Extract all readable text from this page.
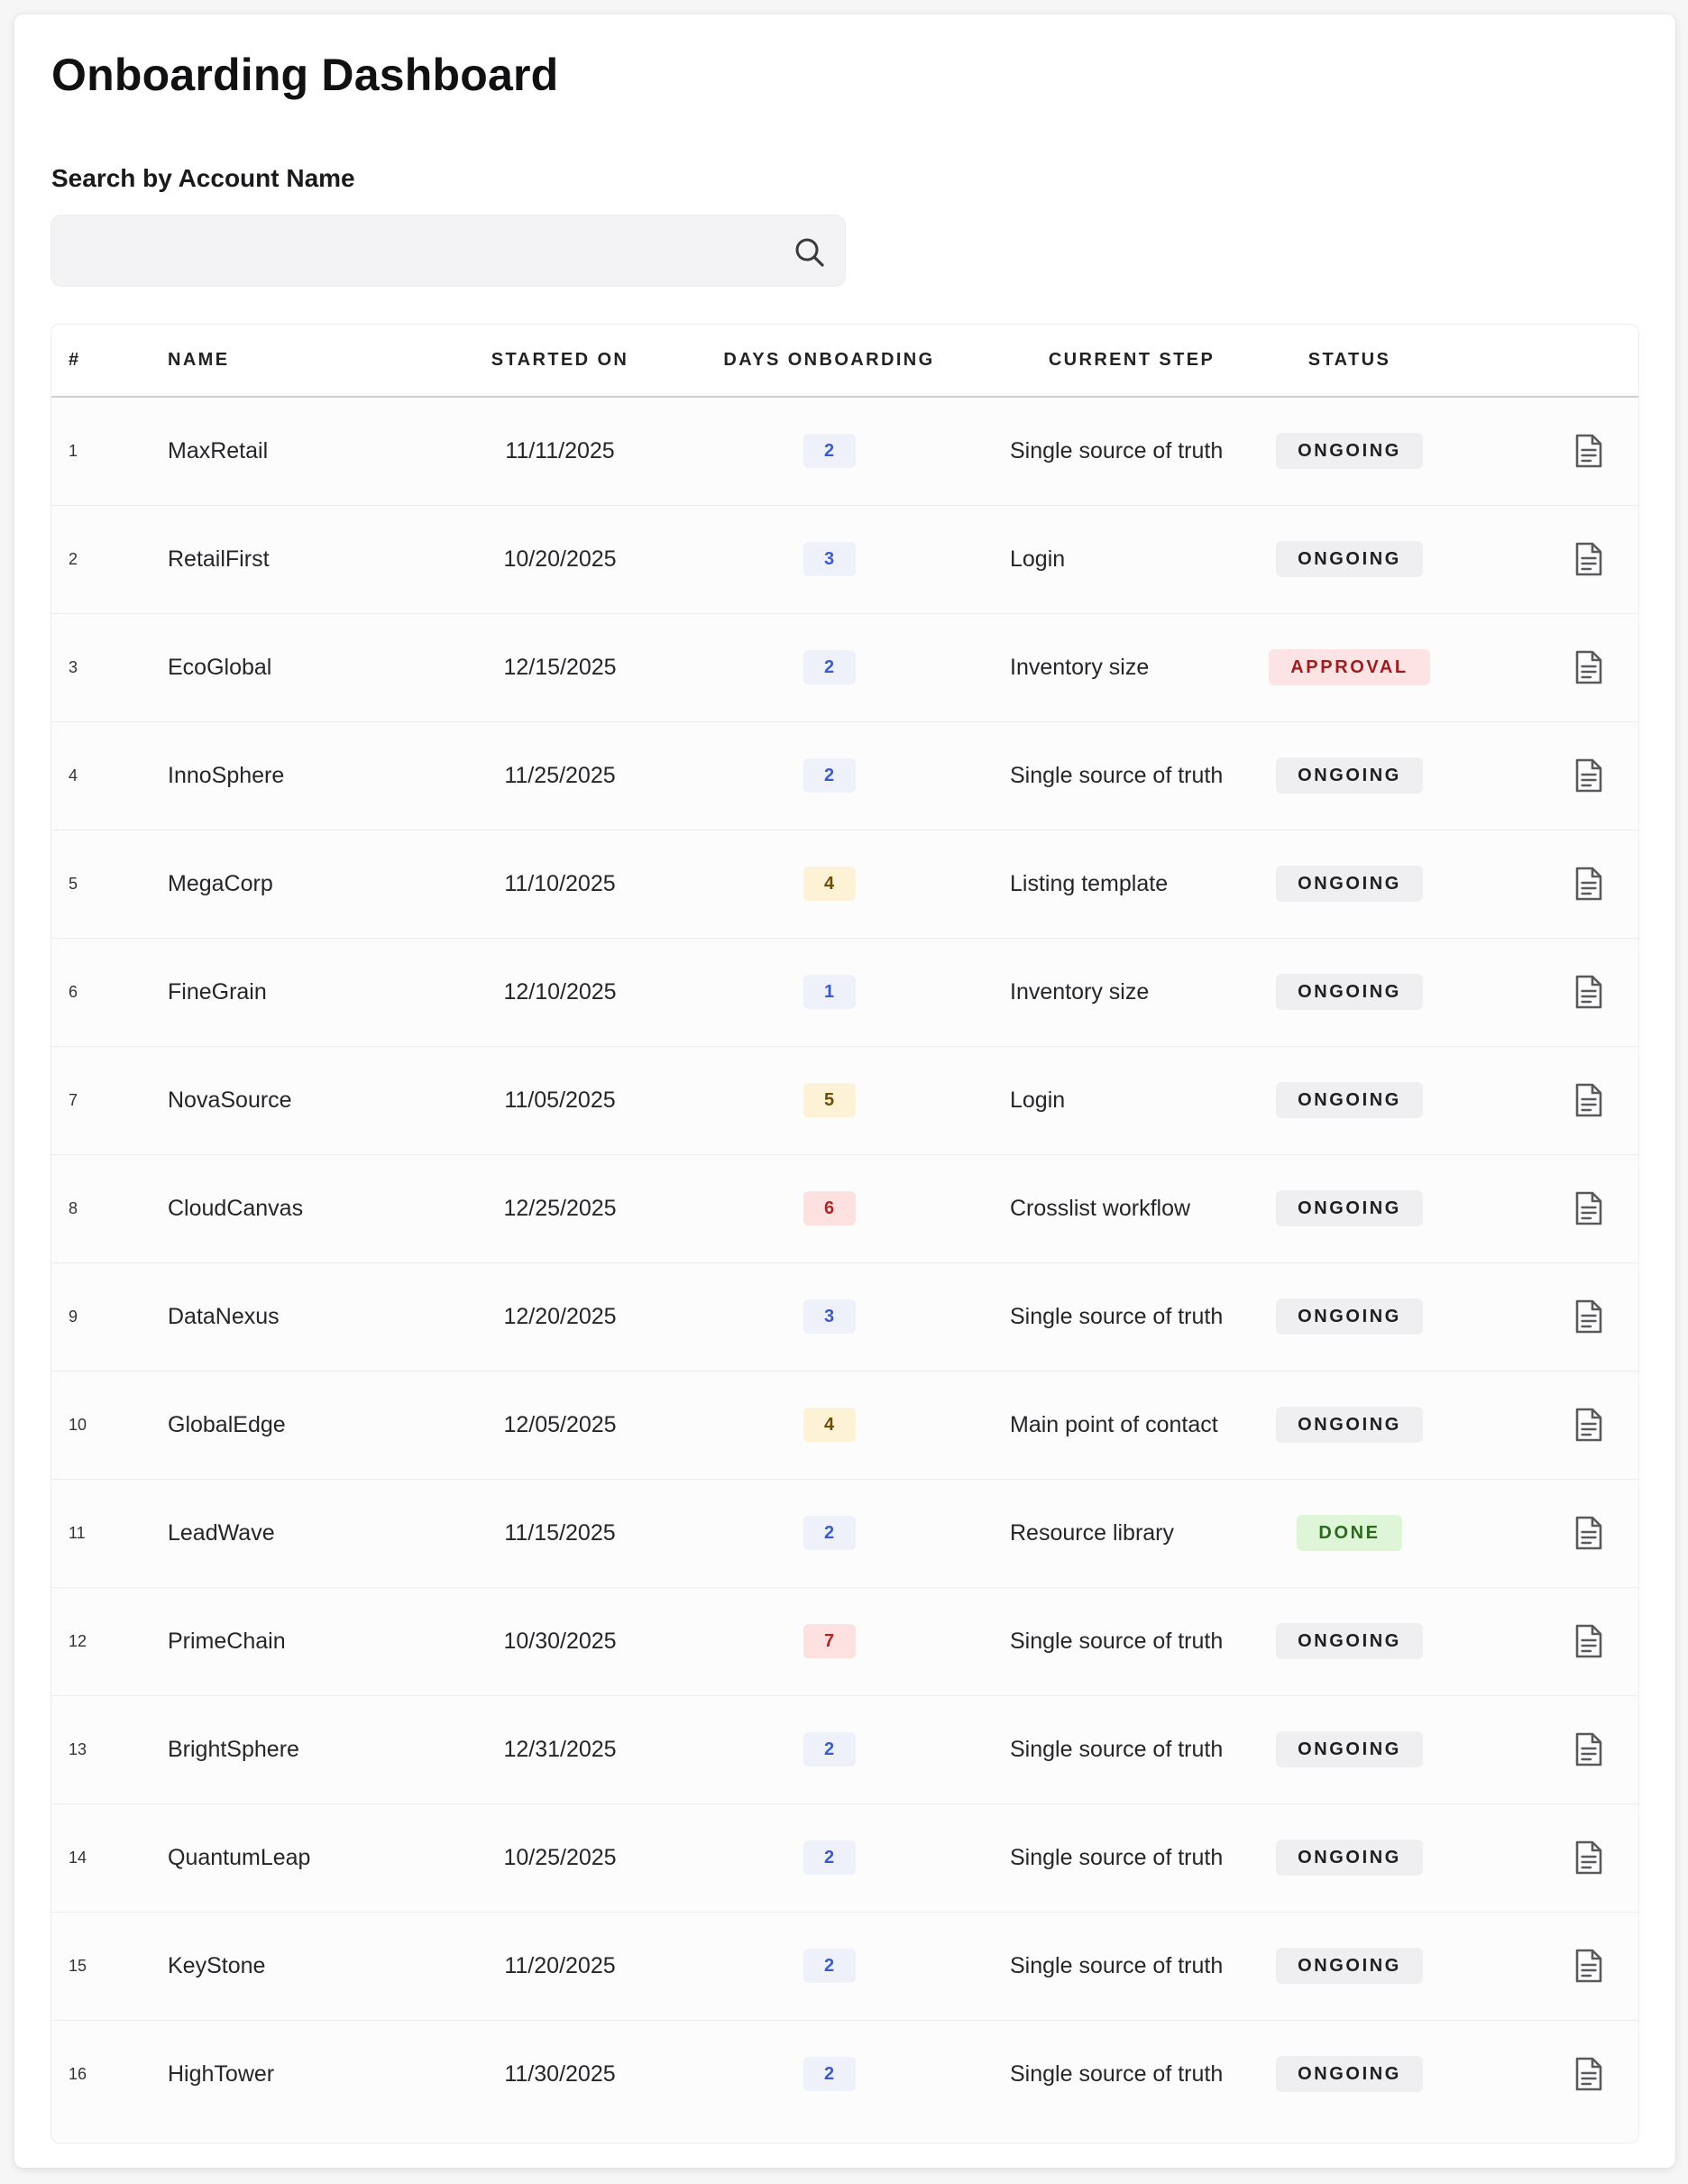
Onboarding Dashboard
Search by Account Name
#	NAME	STARTED ON	DAYS ONBOARDING	CURRENT STEP	STATUS	
1	MaxRetail	11/11/2025	2	Single source of truth	ONGOING	
2	RetailFirst	10/20/2025	3	Login	ONGOING	
3	EcoGlobal	12/15/2025	2	Inventory size	APPROVAL	
4	InnoSphere	11/25/2025	2	Single source of truth	ONGOING	
5	MegaCorp	11/10/2025	4	Listing template	ONGOING	
6	FineGrain	12/10/2025	1	Inventory size	ONGOING	
7	NovaSource	11/05/2025	5	Login	ONGOING	
8	CloudCanvas	12/25/2025	6	Crosslist workflow	ONGOING	
9	DataNexus	12/20/2025	3	Single source of truth	ONGOING	
10	GlobalEdge	12/05/2025	4	Main point of contact	ONGOING	
11	LeadWave	11/15/2025	2	Resource library	DONE	
12	PrimeChain	10/30/2025	7	Single source of truth	ONGOING	
13	BrightSphere	12/31/2025	2	Single source of truth	ONGOING	
14	QuantumLeap	10/25/2025	2	Single source of truth	ONGOING	
15	KeyStone	11/20/2025	2	Single source of truth	ONGOING	
16	HighTower	11/30/2025	2	Single source of truth	ONGOING	
